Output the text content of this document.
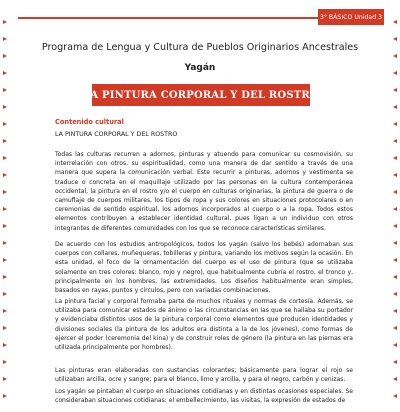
3° BÁSICO Unidad 3
Programa de Lengua y Cultura de Pueblos Originarios Ancestrales
Yagán
LA PINTURA CORPORAL Y DEL ROSTRO
Contenido cultural
LA PINTURA CORPORAL Y DEL ROSTRO

Todas las culturas recurren a adornos, pinturas y atuendo para comunicar su cosmovisión, su interrelación con otros, su espiritualidad, como una manera de dar sentido a través de una manera que supera la comunicación verbal. Este recurrir a pinturas, adornos y vestimenta se traduce o concreta en el maquillaje utilizado por las personas en la cultura contemporánea occidental, la pintura en el rostro y/o el cuerpo en culturas originarias, la pintura de guerra o de camuflaje de cuerpos militares, los tipos de ropa y sus colores en situaciones protocolares o en ceremonias de sentido espiritual, los adornos incorporados al cuerpo o a la ropa. Todos estos elementos contribuyen a establecer identidad cultural, pues ligan a un individuo con otros integrantes de diferentes comunidades con los que se reconoce características similares.

De acuerdo con los estudios antropológicos, todos los yagán (salvo los bebés) adornaban sus cuerpos con collares, muñequeras, tobilleras y pintura, variando los motivos según la ocasión. En esta unidad, el foco de la ornamentación del cuerpo es el uso de pintura (que se utilizaba solamente en tres colores: blanco, rojo y negro), que habitualmente cubría el rostro, el tronco y, principalmente en los hombres, las extremidades. Los diseños habitualmente eran simples, basados en rayas, puntos y círculos, pero con variadas combinaciones.

La pintura facial y corporal formaba parte de muchos rituales y normas de cortesía. Además, se utilizaba para comunicar estados de ánimo o las circunstancias en las que se hallaba su portador y evidenciaba distintos usos de la pintura corporal como elementos que producen identidades y divisiones sociales (la pintura de los adultos era distinta a la de los jóvenes), como formas de ejercer el poder (ceremonia del kina) y de construir roles de género (la pintura en las piernas era utilizada principalmente por hombres).

Las pinturas eran elaboradas con sustancias colorantes; básicamente para lograr el rojo se utilizaban arcilla, ocre y sangre; para el blanco, limo y arcilla, y para el negro, carbón y cenizas.

Los yagán se pintaban el cuerpo en situaciones cotidianas y en distintas ocasiones especiales. Se consideraban situaciones cotidianas: el embellecimiento, las visitas, la expresión de estados de
